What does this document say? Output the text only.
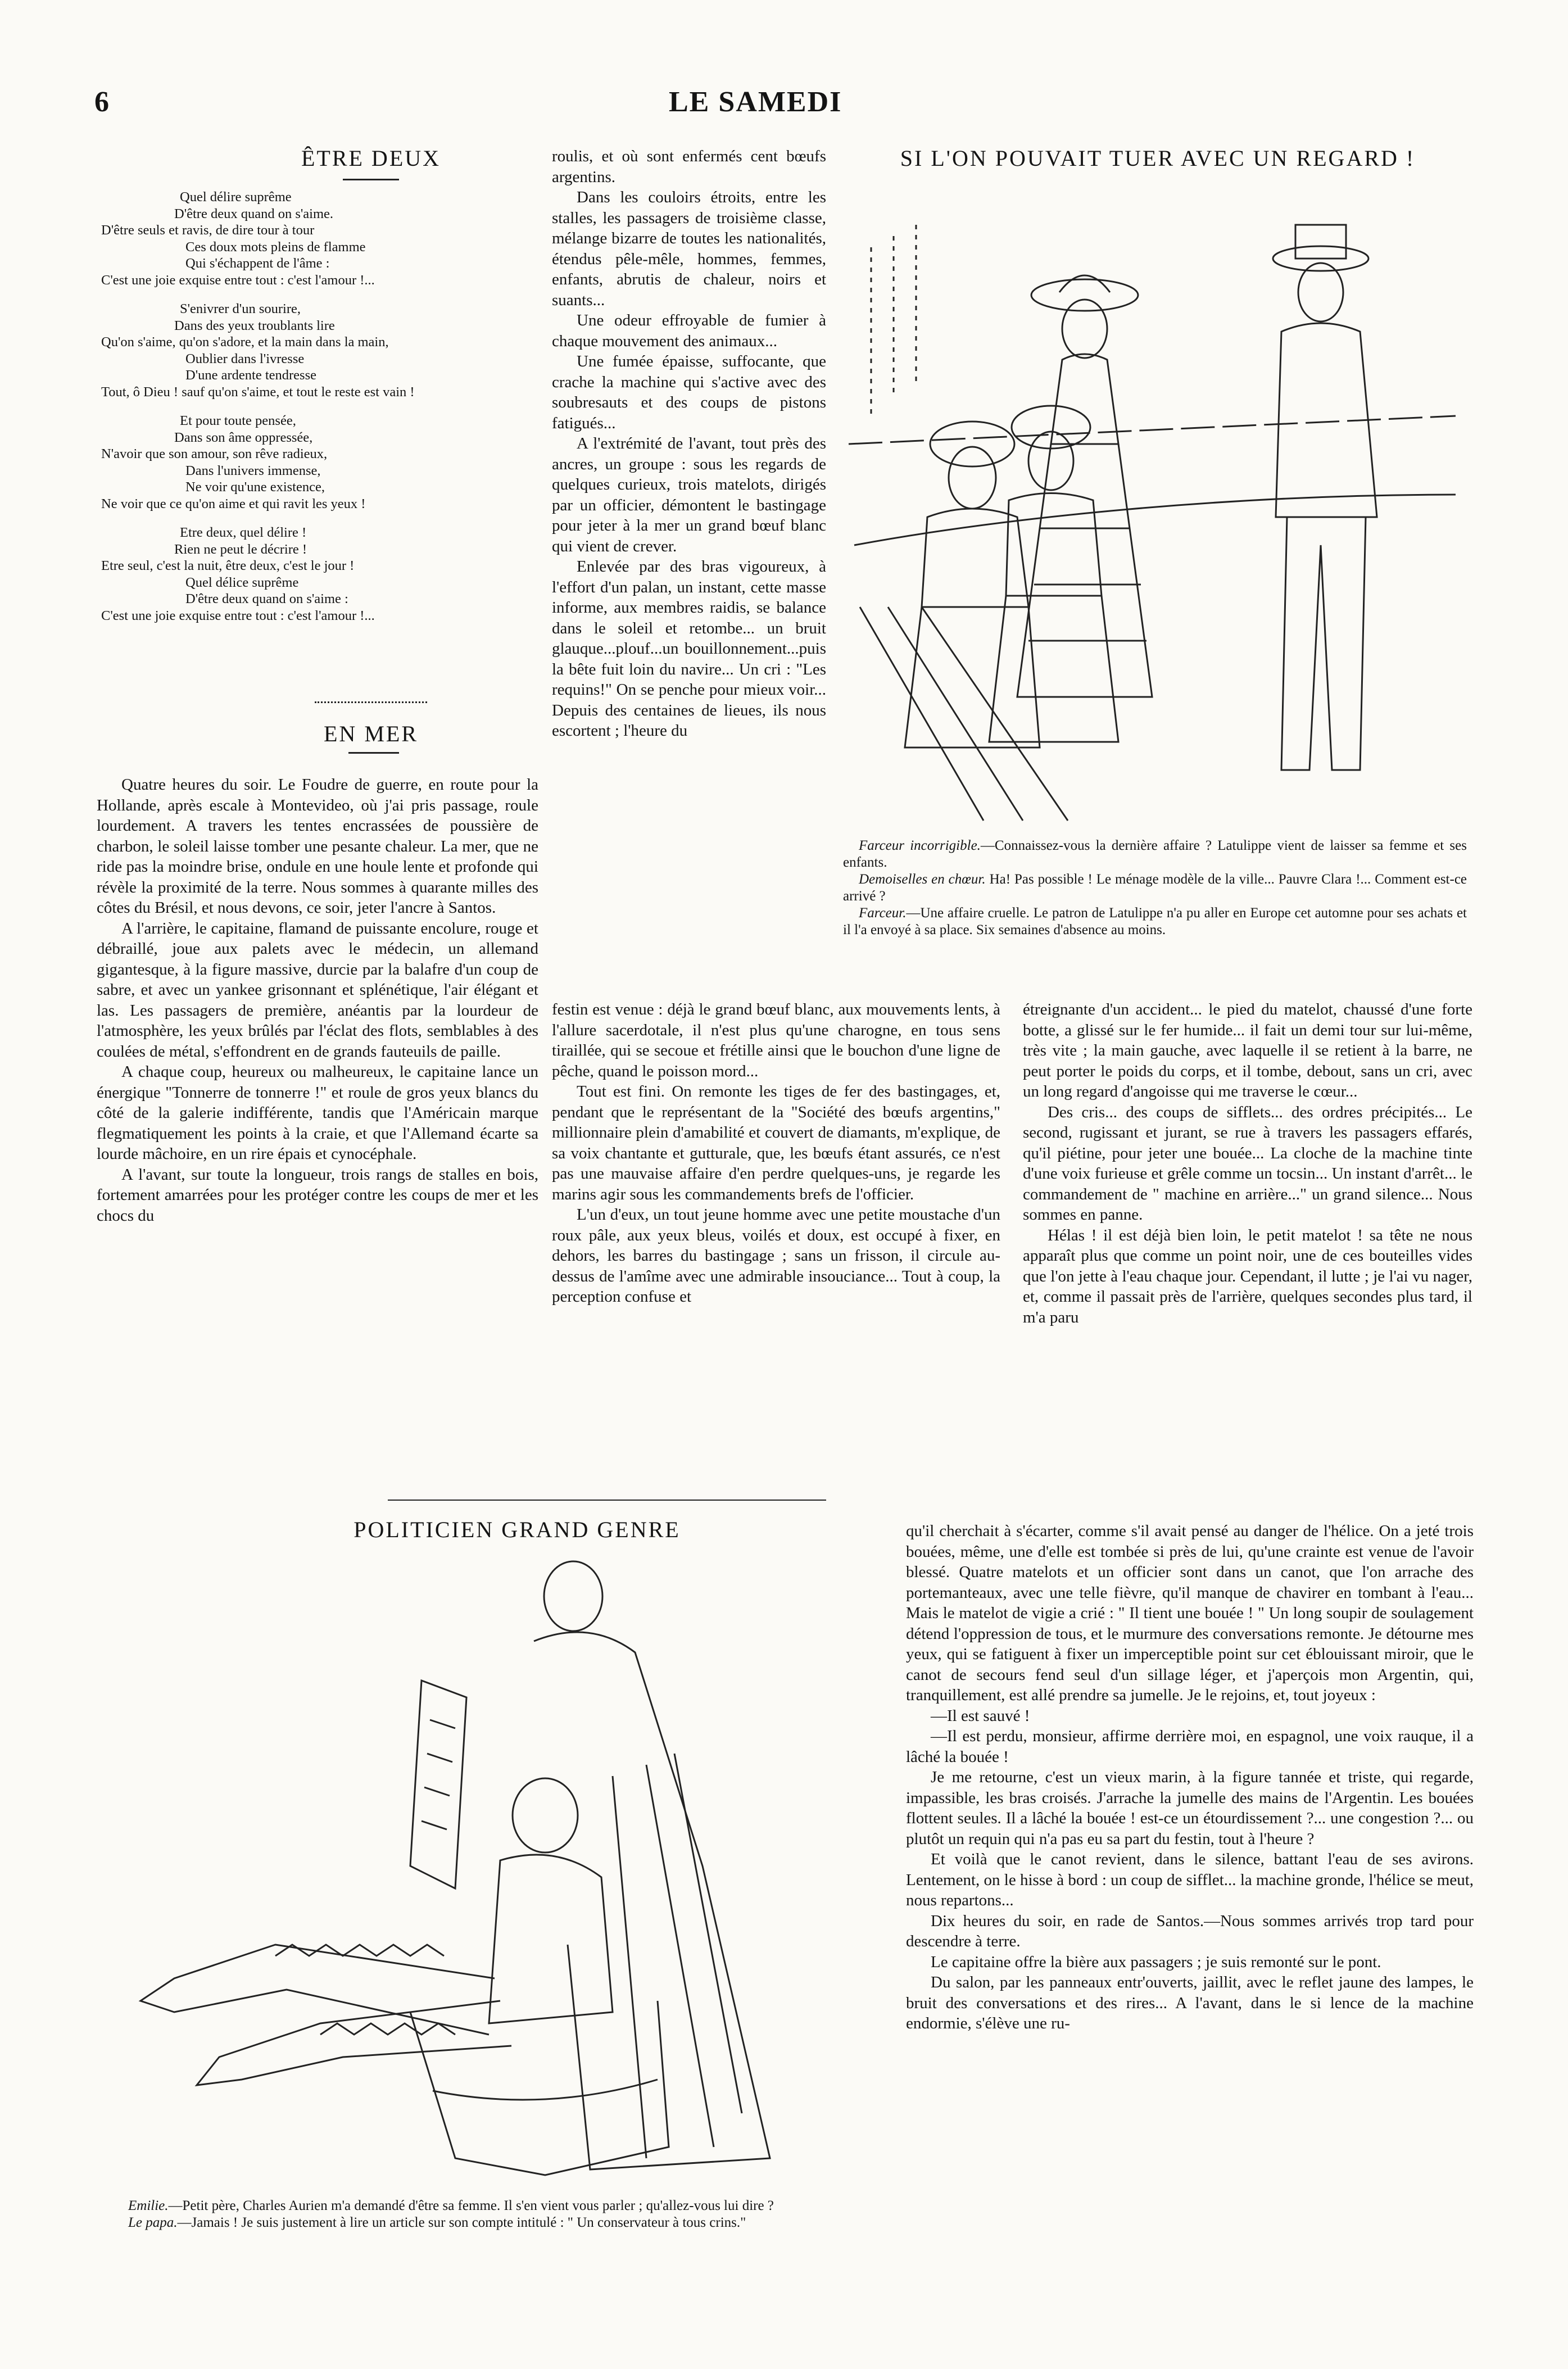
6	LE SAMEDI
ÊTRE DEUX
Quel délire suprême
D'être deux quand on s'aime.
D'être seuls et ravis, de dire tour à tour
Ces doux mots pleins de flamme
Qui s'échappent de l'âme :
C'est une joie exquise entre tout : c'est l'amour !...
S'enivrer d'un sourire,
Dans des yeux troublants lire
Qu'on s'aime, qu'on s'adore, et la main dans la main,
Oublier dans l'ivresse
D'une ardente tendresse
Tout, ô Dieu ! sauf qu'on s'aime, et tout le reste est vain !
Et pour toute pensée,
Dans son âme oppressée,
N'avoir que son amour, son rêve radieux,
Dans l'univers immense,
Ne voir qu'une existence,
Ne voir que ce qu'on aime et qui ravit les yeux !
Etre deux, quel délire !
Rien ne peut le décrire !
Etre seul, c'est la nuit, être deux, c'est le jour !
Quel délice suprême
D'être deux quand on s'aime :
C'est une joie exquise entre tout : c'est l'amour !...
EN MER

Quatre heures du soir. Le Foudre de guerre, en route pour la Hollande, après escale à Montevideo, où j'ai pris passage, roule lourdement. A travers les tentes encrassées de poussière de charbon, le soleil laisse tomber une pesante chaleur. La mer, que ne ride pas la moindre brise, ondule en une houle lente et profonde qui révèle la proximité de la terre. Nous sommes à quarante milles des côtes du Brésil, et nous devons, ce soir, jeter l'ancre à Santos.

A l'arrière, le capitaine, flamand de puissante encolure, rouge et débraillé, joue aux palets avec le médecin, un allemand gigantesque, à la figure massive, durcie par la balafre d'un coup de sabre, et avec un yankee grisonnant et splénétique, l'air élégant et las. Les passagers de première, anéantis par la lourdeur de l'atmosphère, les yeux brûlés par l'éclat des flots, semblables à des coulées de métal, s'effondrent en de grands fauteuils de paille.

A chaque coup, heureux ou malheureux, le capitaine lance un énergique "Tonnerre de tonnerre !" et roule de gros yeux blancs du côté de la galerie indifférente, tandis que l'Américain marque flegmatiquement les points à la craie, et que l'Allemand écarte sa lourde mâchoire, en un rire épais et cynocéphale.

A l'avant, sur toute la longueur, trois rangs de stalles en bois, fortement amarrées pour les protéger contre les coups de mer et les chocs du

roulis, et où sont enfermés cent bœufs argentins.

Dans les couloirs étroits, entre les stalles, les passagers de troisième classe, mélange bizarre de toutes les nationalités, étendus pêle-mêle, hommes, femmes, enfants, abrutis de chaleur, noirs et suants...

Une odeur effroyable de fumier à chaque mouvement des animaux...

Une fumée épaisse, suffocante, que crache la machine qui s'active avec des soubresauts et des coups de pistons fatigués...

A l'extrémité de l'avant, tout près des ancres, un groupe : sous les regards de quelques curieux, trois matelots, dirigés par un officier, démontent le bastingage pour jeter à la mer un grand bœuf blanc qui vient de crever.

Enlevée par des bras vigoureux, à l'effort d'un palan, un instant, cette masse informe, aux membres raidis, se balance dans le soleil et retombe... un bruit glauque...plouf...un bouillonnement...puis la bête fuit loin du navire... Un cri : "Les requins!" On se penche pour mieux voir... Depuis des centaines de lieues, ils nous escortent ; l'heure du

festin est venue : déjà le grand bœuf blanc, aux mouvements lents, à l'allure sacerdotale, il n'est plus qu'une charogne, en tous sens tiraillée, qui se secoue et frétille ainsi que le bouchon d'une ligne de pêche, quand le poisson mord...

Tout est fini. On remonte les tiges de fer des bastingages, et, pendant que le représentant de la "Société des bœufs argentins," millionnaire plein d'amabilité et couvert de diamants, m'explique, de sa voix chantante et gutturale, que, les bœufs étant assurés, ce n'est pas une mauvaise affaire d'en perdre quelques-uns, je regarde les marins agir sous les commandements brefs de l'officier.

L'un d'eux, un tout jeune homme avec une petite moustache d'un roux pâle, aux yeux bleus, voilés et doux, est occupé à fixer, en dehors, les barres du bastingage ; sans un frisson, il circule au-dessus de l'amîme avec une admirable insouciance... Tout à coup, la perception confuse et

étreignante d'un accident... le pied du matelot, chaussé d'une forte botte, a glissé sur le fer humide... il fait un demi tour sur lui-même, très vite ; la main gauche, avec laquelle il se retient à la barre, ne peut porter le poids du corps, et il tombe, debout, sans un cri, avec un long regard d'angoisse qui me traverse le cœur...

Des cris... des coups de sifflets... des ordres précipités... Le second, rugissant et jurant, se rue à travers les passagers effarés, qu'il piétine, pour jeter une bouée... La cloche de la machine tinte d'une voix furieuse et grêle comme un tocsin... Un instant d'arrêt... le commandement de " machine en arrière..." un grand silence... Nous sommes en panne.

Hélas ! il est déjà bien loin, le petit matelot ! sa tête ne nous apparaît plus que comme un point noir, une de ces bouteilles vides que l'on jette à l'eau chaque jour. Cependant, il lutte ; je l'ai vu nager, et, comme il passait près de l'arrière, quelques secondes plus tard, il m'a paru

qu'il cherchait à s'écarter, comme s'il avait pensé au danger de l'hélice. On a jeté trois bouées, même, une d'elle est tombée si près de lui, qu'une crainte est venue de l'avoir blessé. Quatre matelots et un officier sont dans un canot, que l'on arrache des portemanteaux, avec une telle fièvre, qu'il manque de chavirer en tombant à l'eau... Mais le matelot de vigie a crié : " Il tient une bouée ! " Un long soupir de soulagement détend l'oppression de tous, et le murmure des conversations remonte. Je détourne mes yeux, qui se fatiguent à fixer un imperceptible point sur cet éblouissant miroir, que le canot de secours fend seul d'un sillage léger, et j'aperçois mon Argentin, qui, tranquillement, est allé prendre sa jumelle. Je le rejoins, et, tout joyeux :

—Il est sauvé !

—Il est perdu, monsieur, affirme derrière moi, en espagnol, une voix rauque, il a lâché la bouée !

Je me retourne, c'est un vieux marin, à la figure tannée et triste, qui regarde, impassible, les bras croisés. J'arrache la jumelle des mains de l'Argentin. Les bouées flottent seules. Il a lâché la bouée ! est-ce un étourdissement ?... une congestion ?... ou plutôt un requin qui n'a pas eu sa part du festin, tout à l'heure ?

Et voilà que le canot revient, dans le silence, battant l'eau de ses avirons. Lentement, on le hisse à bord : un coup de sifflet... la machine gronde, l'hélice se meut, nous repartons...

Dix heures du soir, en rade de Santos.—Nous sommes arrivés trop tard pour descendre à terre.

Le capitaine offre la bière aux passagers ; je suis remonté sur le pont.

Du salon, par les panneaux entr'ouverts, jaillit, avec le reflet jaune des lampes, le bruit des conversations et des rires... A l'avant, dans le si lence de la machine endormie, s'élève une ru-

SI L'ON POUVAIT TUER AVEC UN REGARD !

Farceur incorrigible.—Connaissez-vous la dernière affaire ? Latulippe vient de laisser sa femme et ses enfants.

Demoiselles en chœur. Ha! Pas possible ! Le ménage modèle de la ville... Pauvre Clara !... Comment est-ce arrivé ?

Farceur.—Une affaire cruelle. Le patron de Latulippe n'a pu aller en Europe cet automne pour ses achats et il l'a envoyé à sa place. Six semaines d'absence au moins.

POLITICIEN GRAND GENRE

Emilie.—Petit père, Charles Aurien m'a demandé d'être sa femme. Il s'en vient vous parler ; qu'allez-vous lui dire ?

Le papa.—Jamais ! Je suis justement à lire un article sur son compte intitulé : " Un conservateur à tous crins."
